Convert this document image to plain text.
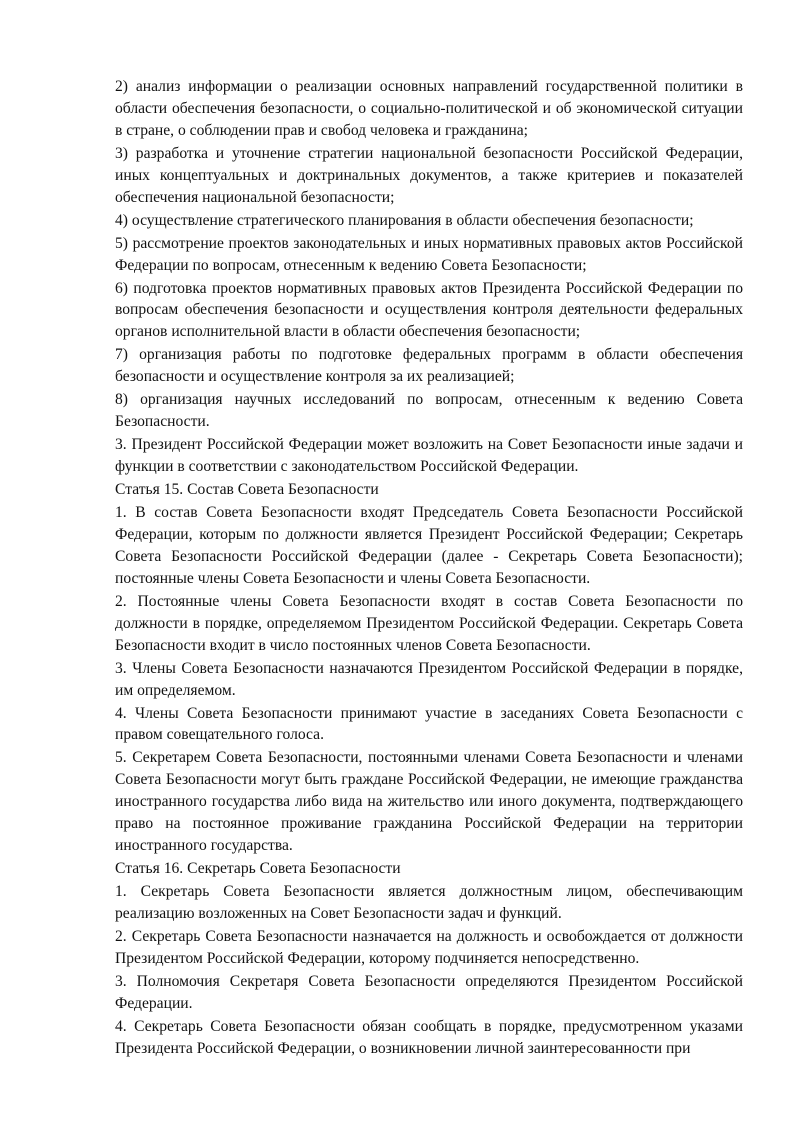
2) анализ информации о реализации основных направлений государственной политики в области обеспечения безопасности, о социально-политической и об экономической ситуации в стране, о соблюдении прав и свобод человека и гражданина;

3) разработка и уточнение стратегии национальной безопасности Российской Федерации, иных концептуальных и доктринальных документов, а также критериев и показателей обеспечения национальной безопасности;

4) осуществление стратегического планирования в области обеспечения безопасности;

5) рассмотрение проектов законодательных и иных нормативных правовых актов Российской Федерации по вопросам, отнесенным к ведению Совета Безопасности;

6) подготовка проектов нормативных правовых актов Президента Российской Федерации по вопросам обеспечения безопасности и осуществления контроля деятельности федеральных органов исполнительной власти в области обеспечения безопасности;

7) организация работы по подготовке федеральных программ в области обеспечения безопасности и осуществление контроля за их реализацией;

8) организация научных исследований по вопросам, отнесенным к ведению Совета Безопасности.

3. Президент Российской Федерации может возложить на Совет Безопасности иные задачи и функции в соответствии с законодательством Российской Федерации.

Статья 15. Состав Совета Безопасности

1. В состав Совета Безопасности входят Председатель Совета Безопасности Российской Федерации, которым по должности является Президент Российской Федерации; Секретарь Совета Безопасности Российской Федерации (далее - Секретарь Совета Безопасности); постоянные члены Совета Безопасности и члены Совета Безопасности.

2. Постоянные члены Совета Безопасности входят в состав Совета Безопасности по должности в порядке, определяемом Президентом Российской Федерации. Секретарь Совета Безопасности входит в число постоянных членов Совета Безопасности.

3. Члены Совета Безопасности назначаются Президентом Российской Федерации в порядке, им определяемом.

4. Члены Совета Безопасности принимают участие в заседаниях Совета Безопасности с правом совещательного голоса.

5. Секретарем Совета Безопасности, постоянными членами Совета Безопасности и членами Совета Безопасности могут быть граждане Российской Федерации, не имеющие гражданства иностранного государства либо вида на жительство или иного документа, подтверждающего право на постоянное проживание гражданина Российской Федерации на территории иностранного государства.

Статья 16. Секретарь Совета Безопасности

1. Секретарь Совета Безопасности является должностным лицом, обеспечивающим реализацию возложенных на Совет Безопасности задач и функций.

2. Секретарь Совета Безопасности назначается на должность и освобождается от должности Президентом Российской Федерации, которому подчиняется непосредственно.

3. Полномочия Секретаря Совета Безопасности определяются Президентом Российской Федерации.

4. Секретарь Совета Безопасности обязан сообщать в порядке, предусмотренном указами Президента Российской Федерации, о возникновении личной заинтересованности при
